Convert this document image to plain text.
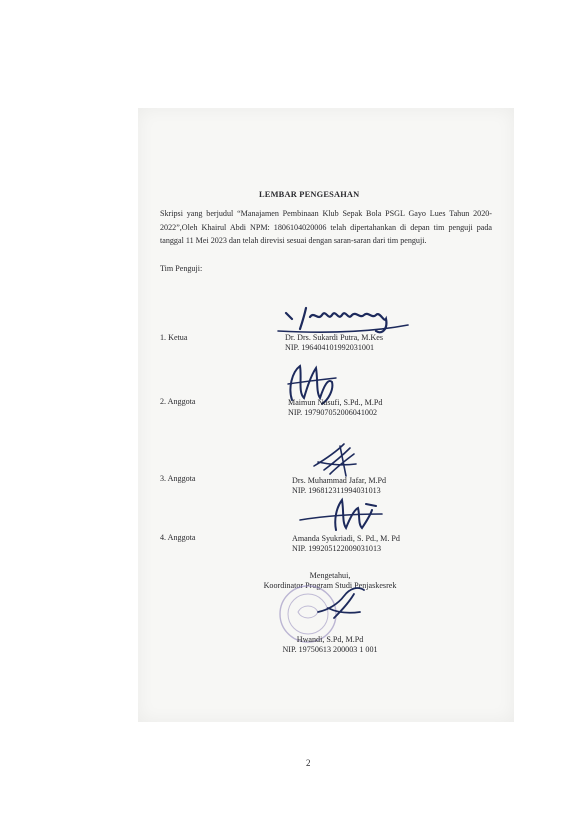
LEMBAR PENGESAHAN
Skripsi yang berjudul “Manajamen Pembinaan Klub Sepak Bola PSGL Gayo Lues Tahun 2020-2022”,Oleh Khairul Abdi NPM: 1806104020006 telah dipertahankan di depan tim penguji pada tanggal 11 Mei 2023 dan telah direvisi sesuai dengan saran-saran dari tim penguji.
Tim Penguji:
1. Ketua	Dr. Drs. Sukardi Putra, M.Kes
NIP. 196404101992031001
2. Anggota	Maimun Nusufi, S.Pd., M.Pd
NIP. 197907052006041002
3. Anggota	Drs. Muhammad Jafar, M.Pd
NIP. 196812311994031013
4. Anggota	Amanda Syukriadi, S. Pd., M. Pd
NIP. 199205122009031013
Mengetahui,
Koordinator Program Studi Penjaskesrek
Hwandi, S.Pd, M.Pd
NIP. 19750613 200003 1 001
2
